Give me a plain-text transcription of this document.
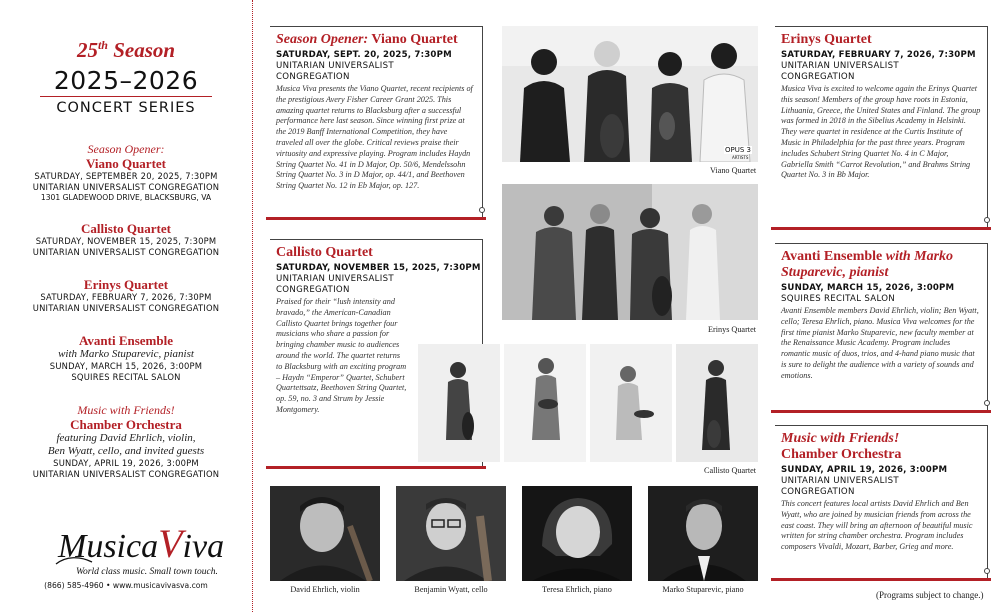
25th Season
2025–2026
CONCERT SERIES
Season Opener:
Viano Quartet
SATURDAY, SEPTEMBER 20, 2025, 7:30PM
UNITARIAN UNIVERSALIST CONGREGATION
1301 GLADEWOOD DRIVE, BLACKSBURG, VA
Callisto Quartet
SATURDAY, NOVEMBER 15, 2025, 7:30PM
UNITARIAN UNIVERSALIST CONGREGATION
Erinys Quartet
SATURDAY, FEBRUARY 7, 2026, 7:30PM
UNITARIAN UNIVERSALIST CONGREGATION
Avanti Ensemble
with Marko Stuparevic, pianist
SUNDAY, MARCH 15, 2026, 3:00PM
SQUIRES RECITAL SALON
Music with Friends!
Chamber Orchestra
featuring David Ehrlich, violin,
Ben Wyatt, cello, and invited guests
SUNDAY, APRIL 19, 2026, 3:00PM
UNITARIAN UNIVERSALIST CONGREGATION
MusicaViva
World class music. Small town touch.
(866) 585-4960 • www.musicavivasva.com
Season Opener: Viano Quartet
SATURDAY, SEPT. 20, 2025, 7:30PM
UNITARIAN UNIVERSALIST
CONGREGATION
Musica Viva presents the Viano Quartet, recent recipients of the prestigious Avery Fisher Career Grant 2025. This amazing quartet returns to Blacksburg after a successful performance here last season. Since winning first prize at the 2019 Banff International Competition, they have traveled all over the globe. Critical reviews praise their virtuosity and expressive playing. Program includes Haydn String Quartet No. 41 in D Major, Op. 50/6, Mendelssohn String Quartet No. 3 in D Major, op. 44/1, and Beethoven String Quartet No. 12 in Eb Major, op. 127.
Callisto Quartet
SATURDAY, NOVEMBER 15, 2025, 7:30PM
UNITARIAN UNIVERSALIST
CONGREGATION
Praised for their “lush intensity and bravado,” the American-Canadian Callisto Quartet brings together four musicians who share a passion for bringing chamber music to audiences around the world. The quartet returns to Blacksburg with an exciting program – Haydn “Emperor” Quartet, Schubert Quartettsatz, Beethoven String Quartet, op. 59, no. 3 and Strum by Jessie Montgomery.
Erinys Quartet
SATURDAY, FEBRUARY 7, 2026, 7:30PM
UNITARIAN UNIVERSALIST
CONGREGATION
Musica Viva is excited to welcome again the Erinys Quartet this season! Members of the group have roots in Estonia, Lithuania, Greece, the United States and Finland. The group was formed in 2018 in the Sibelius Academy in Helsinki. They were quartet in residence at the Curtis Institute of Music in Philadelphia for the past three years. Program includes Schubert String Quartet No. 4 in C Major, Gabriella Smith “Carrot Revolution,” and Brahms String Quartet No. 3 in Bb Major.
Avanti Ensemble with Marko Stuparevic, pianist
SUNDAY, MARCH 15, 2026, 3:00PM
SQUIRES RECITAL SALON
Avanti Ensemble members David Ehrlich, violin; Ben Wyatt, cello; Teresa Ehrlich, piano. Musica Viva welcomes for the first time pianist Marko Stuparevic, new faculty member at the Renaissance Music Academy. Program includes romantic music of duos, trios, and 4-hand piano music that is sure to delight the audience with a variety of sounds and emotions.
Music with Friends!
Chamber Orchestra
SUNDAY, APRIL 19, 2026, 3:00PM
UNITARIAN UNIVERSALIST
CONGREGATION
This concert features local artists David Ehrlich and Ben Wyatt, who are joined by musician friends from across the east coast. They will bring an afternoon of beautiful music written for string chamber orchestra. Program includes composers Vivaldi, Mozart, Barber, Grieg and more.
OPUS 3
ARTISTS
Viano Quartet
Erinys Quartet
Callisto Quartet
David Ehrlich, violin	Benjamin Wyatt, cello	Teresa Ehrlich, piano	Marko Stuparevic, piano
(Programs subject to change.)
